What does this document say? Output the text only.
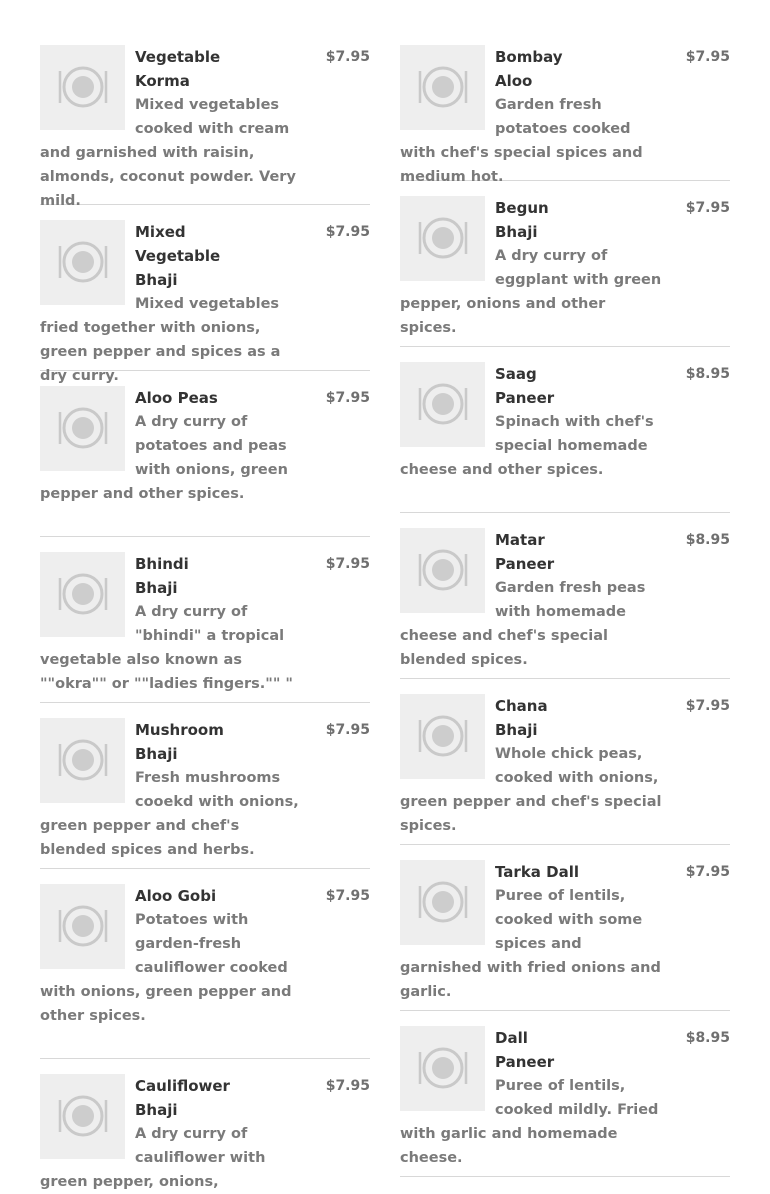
$7.95
Vegetable Korma
Mixed vegetables cooked with cream and garnished with raisin, almonds, coconut powder. Very mild.
$7.95
Mixed Vegetable Bhaji
Mixed vegetables fried together with onions, green pepper and spices as a dry curry.
$7.95
Aloo Peas
A dry curry of potatoes and peas with onions, green pepper and other spices.
$7.95
Bhindi Bhaji
A dry curry of "bhindi" a tropical vegetable also known as ""okra"" or ""ladies fingers."" "
$7.95
Mushroom Bhaji
Fresh mushrooms cooekd with onions, green pepper and chef's blended spices and herbs.
$7.95
Aloo Gobi
Potatoes with garden-fresh cauliflower cooked with onions, green pepper and other spices.
$7.95
Cauliflower Bhaji
A dry curry of cauliflower with green pepper, onions,
$7.95
Bombay Aloo
Garden fresh potatoes cooked with chef's special spices and medium hot.
$7.95
Begun Bhaji
A dry curry of eggplant with green pepper, onions and other spices.
$8.95
Saag Paneer
Spinach with chef's special homemade cheese and other spices.
$8.95
Matar Paneer
Garden fresh peas with homemade cheese and chef's special blended spices.
$7.95
Chana Bhaji
Whole chick peas, cooked with onions, green pepper and chef's special spices.
$7.95
Tarka Dall
Puree of lentils, cooked with some spices and garnished with fried onions and garlic.
$8.95
Dall Paneer
Puree of lentils, cooked mildly. Fried with garlic and homemade cheese.
